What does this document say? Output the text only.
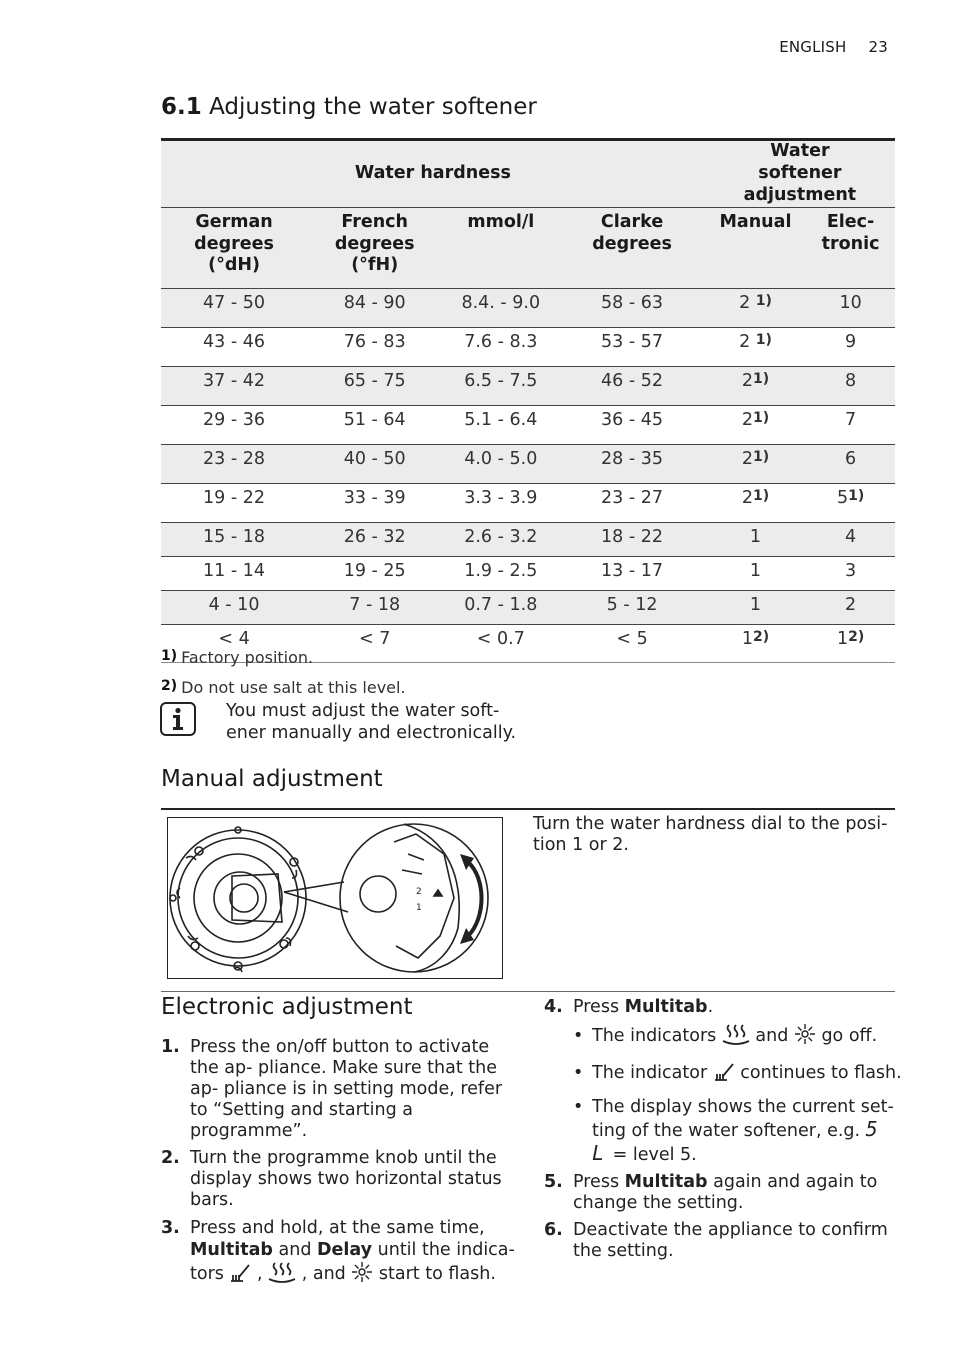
ENGLISH 23
6.1 Adjusting the water softener
Water hardness				Water softener adjustment	
German degrees (°dH)	French degrees (°fH)	mmol/l	Clarke degrees	Manual	Elec- tronic
47 - 50	84 - 90	8.4. - 9.0	58 - 63	2 $^{1)}$	10
43 - 46	76 - 83	7.6 - 8.3	53 - 57	2 $^{1)}$	9
37 - 42	65 - 75	6.5 - 7.5	46 - 52	2$^{1)}$	8
29 - 36	51 - 64	5.1 - 6.4	36 - 45	2$^{1)}$	7
23 - 28	40 - 50	4.0 - 5.0	28 - 35	2$^{1)}$	6
19 - 22	33 - 39	3.3 - 3.9	23 - 27	2$^{1)}$	5$^{1)}$
15 - 18	26 - 32	2.6 - 3.2	18 - 22	1	4
11 - 14	19 - 25	1.9 - 2.5	13 - 17	1	3
4 - 10	7 - 18	0.7 - 1.8	5 - 12	1	2
< 4	< 7	< 0.7	< 5	1$^{2)}$	1$^{2)}$
1) Factory position.
2) Do not use salt at this level.
You must adjust the water soft-
ener manually and electronically.
Manual adjustment
2
1
Turn the water hardness dial to the posi-
tion 1 or 2.
Electronic adjustment
1. Press the on/off button to activate the ap- pliance. Make sure that the ap- pliance is in setting mode, refer to “Setting and starting a programme”.
2. Turn the programme knob until the display shows two horizontal status bars.
3. Press and hold, at the same time, Multitab and Delay until the indica- tors  ,  , and  start to flash.
4. Press Multitab.
• The indicators  and  go off.
• The indicator  continues to flash.
• The display shows the current set- ting of the water softener, e.g. 5 L = level 5.
5. Press Multitab again and again to change the setting.
6. Deactivate the appliance to confirm the setting.
